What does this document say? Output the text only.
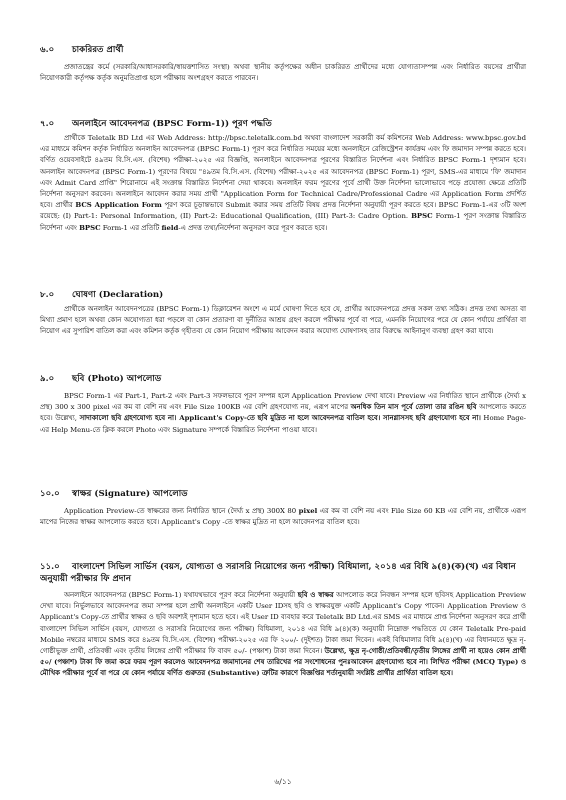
৬.০ চাকরিরত প্রার্থী

প্রজাতন্ত্রের কর্মে (সরকারি/আধাসরকারি/স্বায়ত্তশাসিত সংস্থা) অথবা স্থানীয় কর্তৃপক্ষের অধীন চাকরিরত প্রার্থীদের মধ্যে যোগ্যতাসম্পন্ন এবং নির্ধারিত বয়সের প্রার্থীরা নিয়োগকারী কর্তৃপক্ষ কর্তৃক অনুমতিপ্রাপ্ত হলে পরীক্ষায় অংশগ্রহণ করতে পারবেন।

৭.০ অনলাইনে আবেদনপত্র (BPSC Form-1)) পূরণ পদ্ধতি

প্রার্থীকে Teletalk BD Ltd এর Web Address: http://bpsc.teletalk.com.bd অথবা বাংলাদেশ সরকারী কর্ম কমিশনের Web Address: www.bpsc.gov.bd এর মাধ্যমে কমিশন কর্তৃক নির্ধারিত অনলাইন আবেদনপত্র (BPSC Form-1) পূরণ করে নির্ধারিত সময়ের মধ্যে অনলাইনে রেজিস্ট্রেশন কার্যক্রম এবং ফি জমাদান সম্পন্ন করতে হবে। বর্ণিত ওয়েবসাইটে ৪৯তম বি.সি.এস. (বিশেষ) পরীক্ষা-২০২৫ এর বিজ্ঞপ্তি, অনলাইনে আবেদনপত্র পূরণের বিস্তারিত নির্দেশনা এবং নির্ধারিত BPSC Form-1 দৃশ্যমান হবে। অনলাইন আবেদনপত্র (BPSC Form-1) পূরণের বিষয়ে "৪৯তম বি.সি.এস. (বিশেষ) পরীক্ষা-২০২৫ এর আবেদনপত্র (BPSC Form-1) পূরণ, SMS-এর মাধ্যমে 'ফি' জমাদান এবং Admit Card প্রাপ্তি" শিরোনামে এই সংক্রান্ত বিস্তারিত নির্দেশনা দেয়া থাকবে। অনলাইন ফরম পূরণের পূর্বে প্রার্থী উক্ত নির্দেশনা ভালোভাবে পড়ে প্রযোজ্য ক্ষেত্রে প্রতিটি নির্দেশনা অনুসরণ করবেন। অনলাইনে আবেদন করার সময় প্রার্থী "Application Form for Technical Cadre/Professional Cadre এর Application Form প্রদর্শিত হবে। প্রার্থীর BCS Application Form পূরণ করে চূড়ান্তভাবে Submit করার সময় প্রতিটি বিষয় প্রদত্ত নির্দেশনা অনুযায়ী পূরণ করতে হবে। BPSC Form-1-এর ৩টি অংশ রয়েছে: (I) Part-1: Personal Information, (II) Part-2: Educational Qualification, (III) Part-3: Cadre Option. BPSC Form-1 পূরণ সংক্রান্ত বিস্তারিত নির্দেশনা এবং BPSC Form-1 এর প্রতিটি field-এ প্রদত্ত তথ্য/নির্দেশনা অনুসরণ করে পূরণ করতে হবে।

৮.০ ঘোষণা (Declaration)

প্রার্থীকে অনলাইন আবেদনপত্রের (BPSC Form-1) ডিক্লারেশন অংশে এ মর্মে ঘোষণা দিতে হবে যে, প্রার্থীর আবেদনপত্রে প্রদত্ত সকল তথ্য সঠিক। প্রদত্ত তথ্য অসত্য বা মিথ্যা প্রমাণ হলে অথবা কোন অযোগ্যতা ধরা পড়লে বা কোন প্রতারণা বা দুর্নীতির আশ্রয় গ্রহণ করলে পরীক্ষার পূর্বে বা পরে, এমনকি নিয়োগের পরে যে কোন পর্যায়ে প্রার্থিতা বা নিয়োগ এর সুপারিশ বাতিল করা এবং কমিশন কর্তৃক গৃহীতব্য যে কোন নিয়োগ পরীক্ষায় আবেদন করার অযোগ্য ঘোষণাসহ তার বিরুদ্ধে আইনানুগ ব্যবস্থা গ্রহণ করা যাবে।

৯.০ ছবি (Photo) আপলোড

BPSC Form-1 এর Part-1, Part-2 এবং Part-3 সফলভাবে পূরণ সম্পন্ন হলে Application Preview দেখা যাবে। Preview এর নির্ধারিত স্থানে প্রার্থীকে (দৈর্ঘ্য x প্রস্থ) 300 x 300 pixel এর কম বা বেশি নয় এবং File Size 100KB এর বেশি গ্রহণযোগ্য নয়, এরূপ মাপের অনধিক তিন মাস পূর্বে তোলা তার রঙিন ছবি আপলোড করতে হবে। উল্লেখ্য, সাদাকালো ছবি গ্রহণযোগ্য হবে না। Applicant's Copy-তে ছবি মুদ্রিত না হলে আবেদনপত্র বাতিল হবে। সানগ্লাসসহ ছবি গ্রহণযোগ্য হবে না। Home Page-এর Help Menu-তে ক্লিক করলে Photo এবং Signature সম্পর্কে বিস্তারিত নির্দেশনা পাওয়া যাবে।

১০.০ স্বাক্ষর (Signature) আপলোড

Application Preview-তে স্বাক্ষরের জন্য নির্ধারিত স্থানে (দৈর্ঘ্য x প্রস্থ) 300X 80 pixel এর কম বা বেশি নয় এবং File Size 60 KB এর বেশি নয়, প্রার্থীকে এরূপ মাপের নিজের স্বাক্ষর আপলোড করতে হবে। Applicant's Copy -তে স্বাক্ষর মুদ্রিত না হলে আবেদনপত্র বাতিল হবে।

১১.০ বাংলাদেশ সিভিল সার্ভিস (বয়স, যোগ্যতা ও সরাসরি নিয়োগের জন্য পরীক্ষা) বিধিমালা, ২০১৪ এর বিধি ৯(৪)(ক)(খ) এর বিধান অনুযায়ী পরীক্ষার ফি প্রদান

অনলাইনে আবেদনপত্র (BPSC Form-1) যথাযথভাবে পূরণ করে নির্দেশনা অনুযায়ী ছবি ও স্বাক্ষর আপলোড করে নিবন্ধন সম্পন্ন হলে ছবিসহ Application Preview দেখা যাবে। নির্ভুলভাবে আবেদনপত্র জমা সম্পন্ন হলে প্রার্থী অনলাইনে একটি User IDসহ ছবি ও স্বাক্ষরযুক্ত একটি Applicant's Copy পাবেন। Application Preview ও Applicant's Copy-তে প্রার্থীর স্বাক্ষর ও ছবি অবশ্যই দৃশ্যমান হতে হবে। এই User ID ব্যবহার করে Teletalk BD Ltd.এর SMS এর মাধ্যমে প্রাপ্ত নির্দেশনা অনুসরণ করে প্রার্থী বাংলাদেশ সিভিল সার্ভিস (বয়স, যোগ্যতা ও সরাসরি নিয়োগের জন্য পরীক্ষা) বিধিমালা, ২০১৪ এর বিধি ৯(৪)(ক) অনুযায়ী নিম্নোক্ত পদ্ধতিতে যে কোন Teletalk Pre-paid Mobile নম্বরের মাধ্যমে SMS করে ৪৯তম বি.সি.এস. (বিশেষ) পরীক্ষা-২০২৫ এর ফি ২০০/- (দুইশত) টাকা জমা দিবেন। একই বিধিমালার বিধি ৯(৪)(খ) এর বিধানমতে ক্ষুদ্র নৃ-গোষ্ঠীভুক্ত প্রার্থী, প্রতিবন্ধী এবং তৃতীয় লিঙ্গের প্রার্থী পরীক্ষার ফি বাবদ ৫০/- (পঞ্চাশ) টাকা জমা দিবেন। উল্লেখ্য, ক্ষুদ্র নৃ-গোষ্ঠী/প্রতিবন্ধী/তৃতীয় লিঙ্গের প্রার্থী না হয়েও কোন প্রার্থী ৫০/ (পঞ্চাশ) টাকা ফি জমা করে ফরম পূরণ করলেও আবেদনপত্র জমাদানের শেষ তারিখের পর সংশোধনের পুনঃআবেদন গ্রহণযোগ্য হবে না। লিখিত পরীক্ষা (MCQ Type) ও মৌখিক পরীক্ষার পূর্বে বা পরে যে কোন পর্যায়ে বর্ণিত গুরুতর (Substantive) ত্রুটির কারণে বিজ্ঞপ্তির শর্তানুযায়ী সংশ্লিষ্ট প্রার্থীর প্রার্থিতা বাতিল হবে।

৬/১১
